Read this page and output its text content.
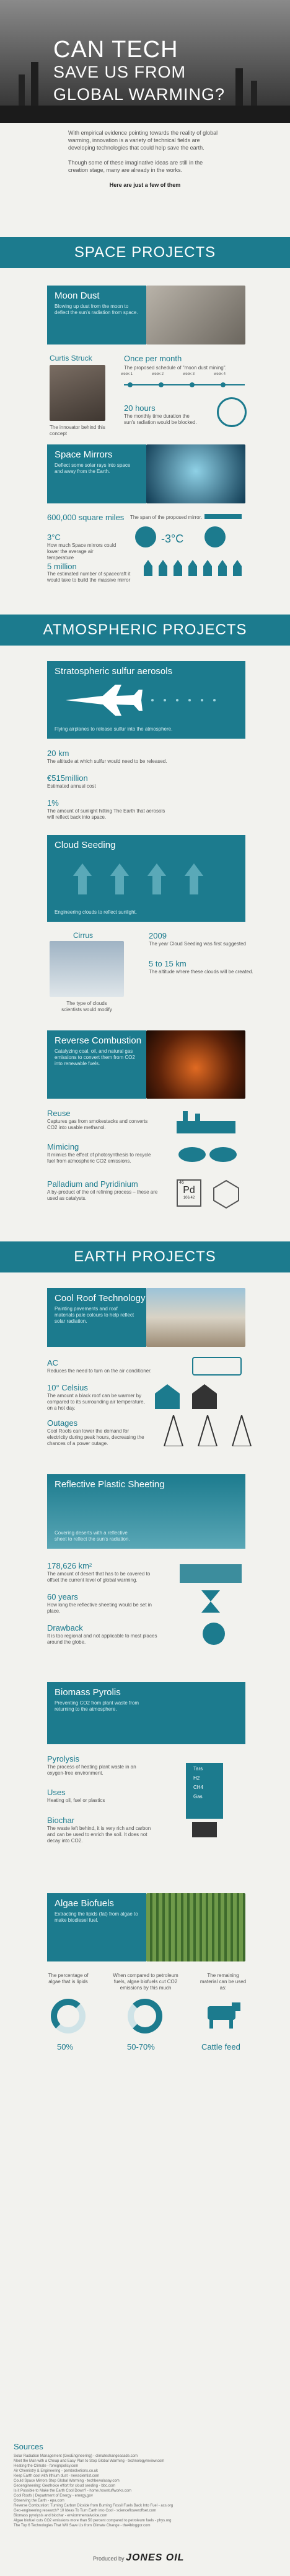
CAN TECH
SAVE US FROM
GLOBAL WARMING?

With empirical evidence pointing towards the reality of global warming, innovation is a variety of technical fields are developing technologies that could help save the earth.

Though some of these imaginative ideas are still in the creation stage, many are already in the works.

Here are just a few of them

SPACE PROJECTS
Moon Dust
Blowing up dust from the moon to deflect the sun's radiation from space.
Curtis Struck
The innovator behind this concept
Once per month
The proposed schedule of "moon dust mining".
week 1	week 2	week 3	week 4
20 hours
The monthly time duration the sun's radiation would be blocked.
Space Mirrors
Deflect some solar rays into space and away from the Earth.
600,000 square miles The span of the proposed mirror.
3°C
How much Space mirrors could lower the average air temperature
-3°C
5 million
The estimated number of spacecraft it would take to build the massive mirror
ATMOSPHERIC PROJECTS
Stratospheric sulfur aerosols
Flying airplanes to release sulfur into the atmosphere.
20 km
The altitude at which sulfur would need to be released.
€515million
Estimated annual cost
1%
The amount of sunlight hitting The Earth that aerosols will reflect back into space.
Cloud Seeding
Engineering clouds to reflect sunlight.
Cirrus
The type of clouds scientists would modify
2009
The year Cloud Seeding was first suggested
5 to 15 km
The altitude where these clouds will be created.
Reverse Combustion
Catalyzing coal, oil, and natural gas emissions to convert them from CO2 into renewable fuels.
Reuse
Captures gas from smokestacks and converts CO2 into usable methanol.
Mimicing
It mimics the effect of photosynthesis to recycle fuel from atmospheric CO2 emissions.
Palladium and Pyridinium
A by-product of the oil refining process – these are used as catalysts.
46
Pd
106.42
EARTH PROJECTS
Cool Roof Technology
Painting pavements and roof materials pale colours to help reflect solar radiation.
AC
Reduces the need to turn on the air conditioner.
10° Celsius
The amount a black roof can be warmer by compared to its surrounding air temperature, on a hot day.
Outages
Cool Roofs can lower the demand for electricity during peak hours, decreasing the chances of a power outage.
Reflective Plastic Sheeting
Covering deserts with a reflective sheet to reflect the sun's radiation.
178,626 km²
The amount of desert that has to be covered to offset the current level of global warming.
60 years
How long the reflective sheeting would be set in place.
Drawback
It is too regional and not applicable to most places around the globe.
Biomass Pyrolis
Preventing CO2 from plant waste from returning to the atmosphere.
Pyrolysis
The process of heating plant waste in an oxygen-free environment.
Uses
Heating oil, fuel or plastics
Biochar
The waste left behind, it is very rich and carbon and can be used to enrich the soil. It does not decay into CO2.
Tars
H2
CH4
Gas
Algae Biofuels
Extracting the lipids (fat) from algae to make biodiesel fuel.
The percentage of algae that is lipids
When compared to petroleum fuels, algae biofuels cut CO2 emissions by this much
The remaining material can be used as:
50%	50-70%	Cattle feed
Sources
Solar Radiation Management (GeoEngineering) - climateshangeasade.com
Meet the Man with a Cheap and Easy Plan to Stop Global Warming - technologyreview.com
Heating the Climate - foreignpolicy.com
Air Chemistry & Engineering - pembroketions.co.uk
Keep Earth cool with lithium dust - newscientist.com
Could Space Mirrors Stop Global Warming - techbewulasay.com
Geoengineering: Geothoice effort for cloud seeding - bbc.com
Is it Possible to Make the Earth Cool Down? - home.howstuffworks.com
Cool Roofs | Department of Energy - energy.gov
Observing the Earth - epa.com
Reverse Combustion: Turning Carbon Dioxide from Burning Fossil Fuels Back Into Fuel - acs.org
Geo-engineering research? 10 Ideas To Turn Earth into Cool - sciencefloweroffset.com
Biomass pyrolysis and biochar - enviornmentalvoice.com
Algae biofuel cuts CO2 emissions more than 50 percent compared to petroleum fuels - phys.org
The Top 6 Technologies That Will Save Us from Climate Change - the4bloggor.com
Produced by JONES OIL
